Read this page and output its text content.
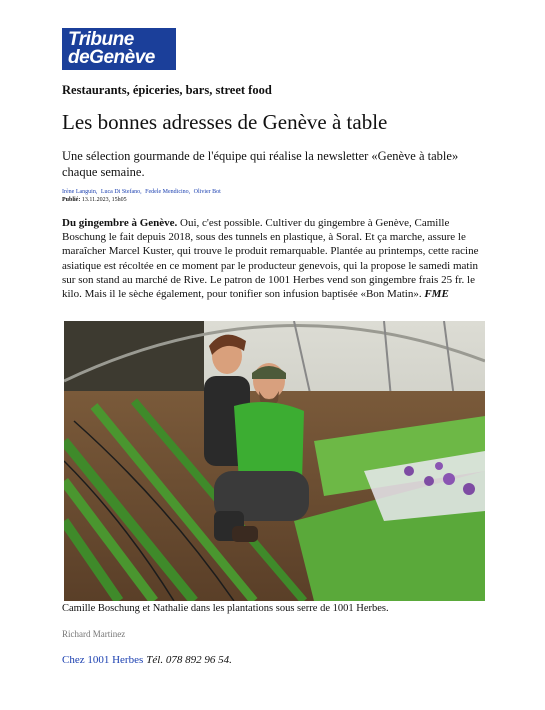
Tribune
deGenève
Restaurants, épiceries, bars, street food
Les bonnes adresses de Genève à table
Une sélection gourmande de l'équipe qui réalise la newsletter «Genève à table» chaque semaine.
Irène Languin, Luca Di Stefano, Fedele Mendicino, Olivier Bot
Publié: 13.11.2023, 15h05
Du gingembre à Genève. Oui, c'est possible. Cultiver du gingembre à Genève, Camille Boschung le fait depuis 2018, sous des tunnels en plastique, à Soral. Et ça marche, assure le maraîcher Marcel Kuster, qui trouve le produit remarquable. Plantée au printemps, cette racine asiatique est récoltée en ce moment par le producteur genevois, qui la propose le samedi matin sur son stand au marché de Rive. Le patron de 1001 Herbes vend son gingembre frais 25 fr. le kilo. Mais il le sèche également, pour tonifier son infusion baptisée «Bon Matin». FME
Camille Boschung et Nathalie dans les plantations sous serre de 1001 Herbes.
Richard Martinez
Chez 1001 Herbes Tél. 078 892 96 54.
